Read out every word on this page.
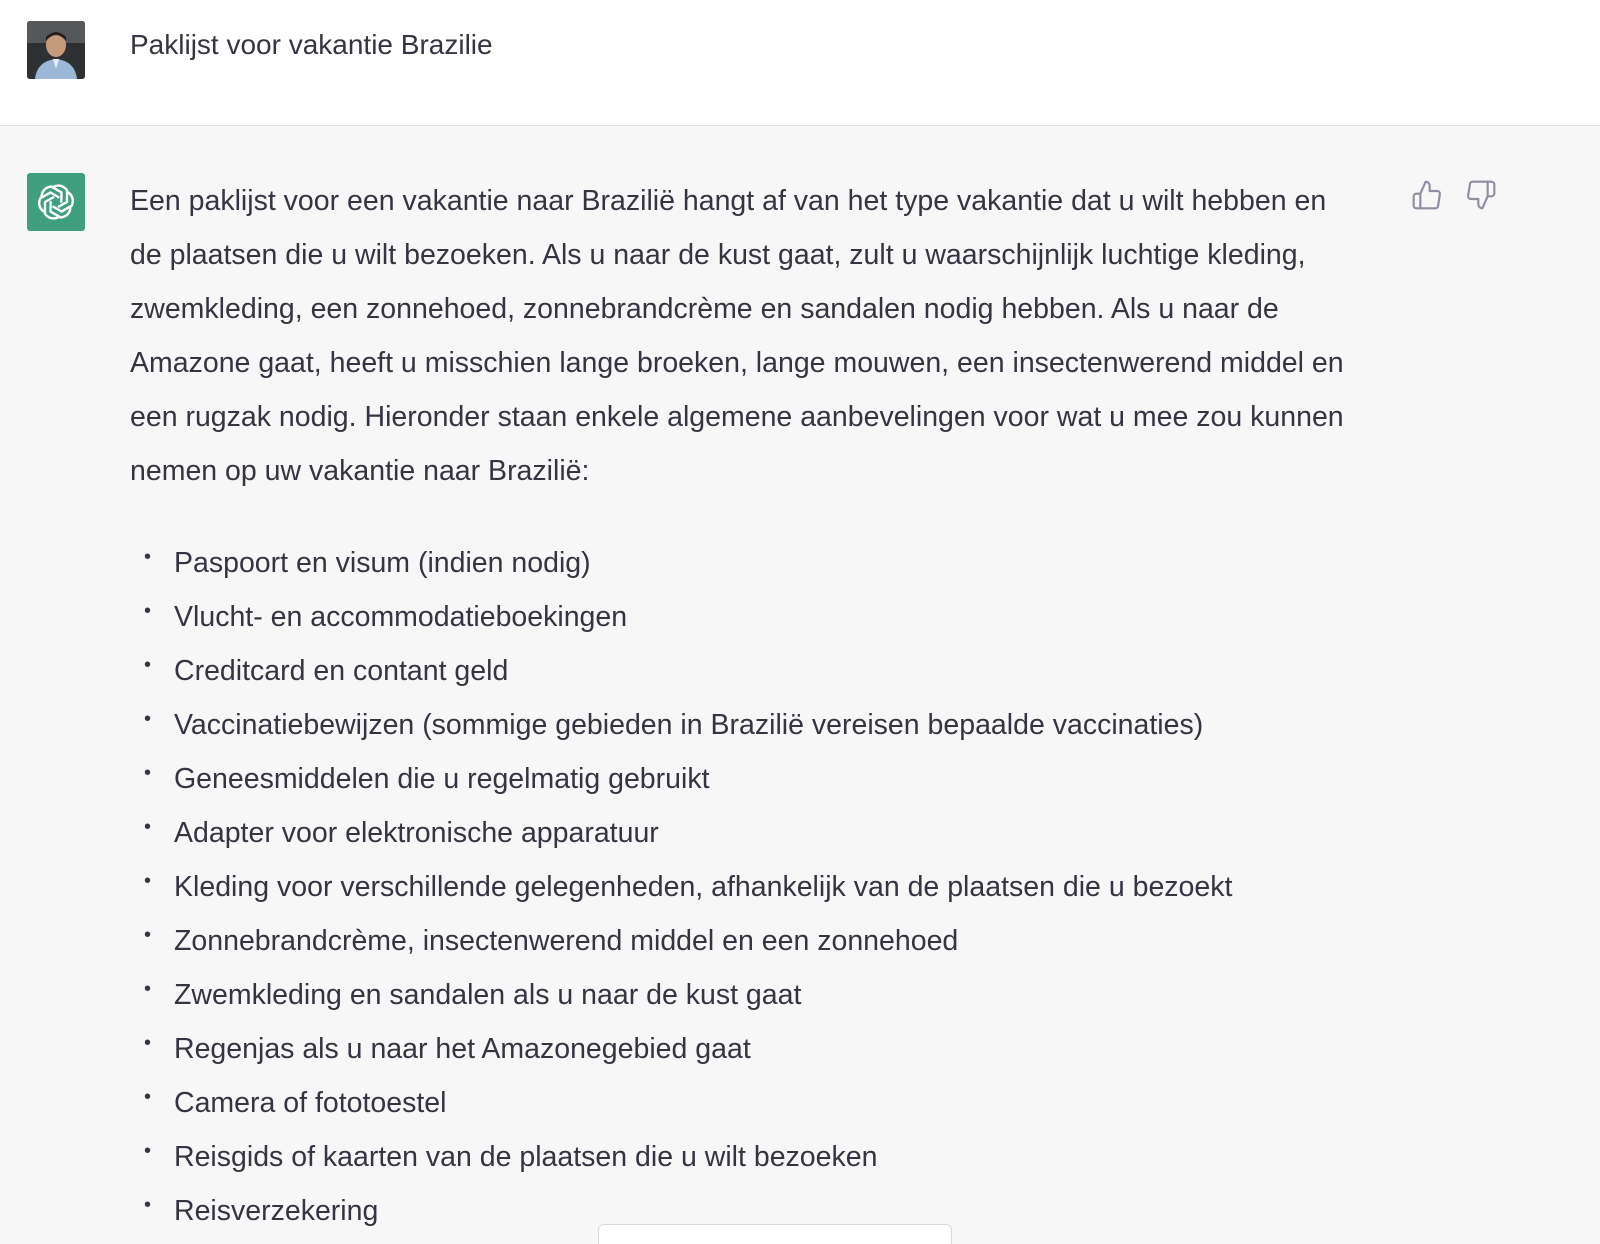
Paklijst voor vakantie Brazilie

Een paklijst voor een vakantie naar Brazilië hangt af van het type vakantie dat u wilt hebben en de plaatsen die u wilt bezoeken. Als u naar de kust gaat, zult u waarschijnlijk luchtige kleding, zwemkleding, een zonnehoed, zonnebrandcrème en sandalen nodig hebben. Als u naar de Amazone gaat, heeft u misschien lange broeken, lange mouwen, een insectenwerend middel en een rugzak nodig. Hieronder staan enkele algemene aanbevelingen voor wat u mee zou kunnen nemen op uw vakantie naar Brazilië:

• Paspoort en visum (indien nodig)
• Vlucht- en accommodatieboekingen
• Creditcard en contant geld
• Vaccinatiebewijzen (sommige gebieden in Brazilië vereisen bepaalde vaccinaties)
• Geneesmiddelen die u regelmatig gebruikt
• Adapter voor elektronische apparatuur
• Kleding voor verschillende gelegenheden, afhankelijk van de plaatsen die u bezoekt
• Zonnebrandcrème, insectenwerend middel en een zonnehoed
• Zwemkleding en sandalen als u naar de kust gaat
• Regenjas als u naar het Amazonegebied gaat
• Camera of fototoestel
• Reisgids of kaarten van de plaatsen die u wilt bezoeken
• Reisverzekering
